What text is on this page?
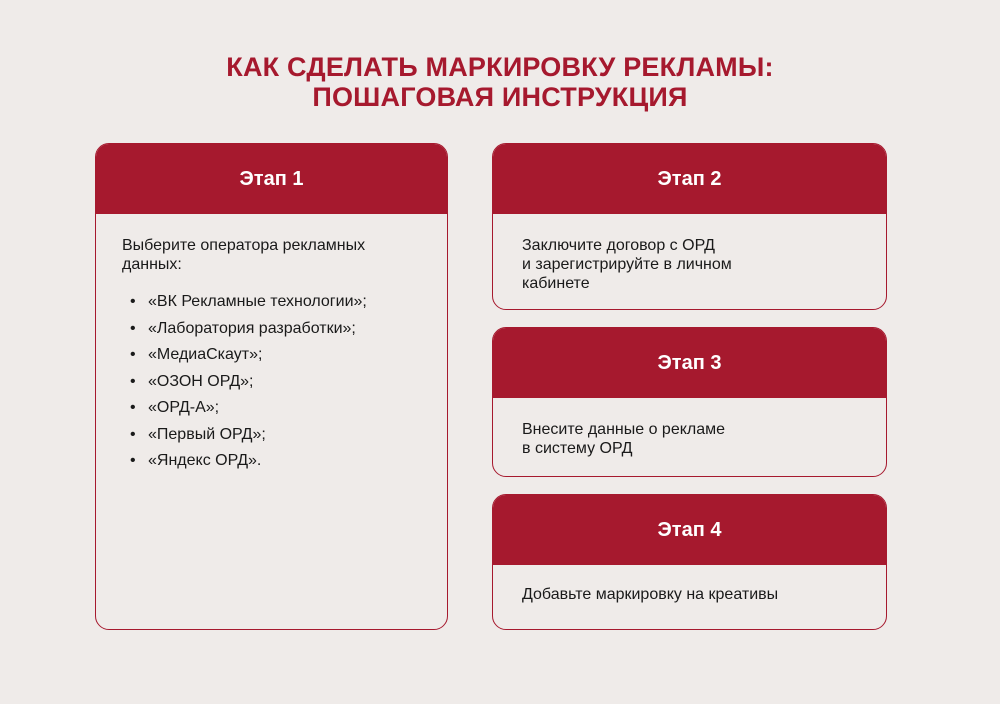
КАК СДЕЛАТЬ МАРКИРОВКУ РЕКЛАМЫ:
ПОШАГОВАЯ ИНСТРУКЦИЯ
Этап 1
Выберите оператора рекламных
данных:
• «ВК Рекламные технологии»;
• «Лаборатория разработки»;
• «МедиаСкаут»;
• «ОЗОН ОРД»;
• «ОРД-А»;
• «Первый ОРД»;
• «Яндекс ОРД».
Этап 2
Заключите договор с ОРД
и зарегистрируйте в личном
кабинете
Этап 3
Внесите данные о рекламе
в систему ОРД
Этап 4
Добавьте маркировку на креативы
